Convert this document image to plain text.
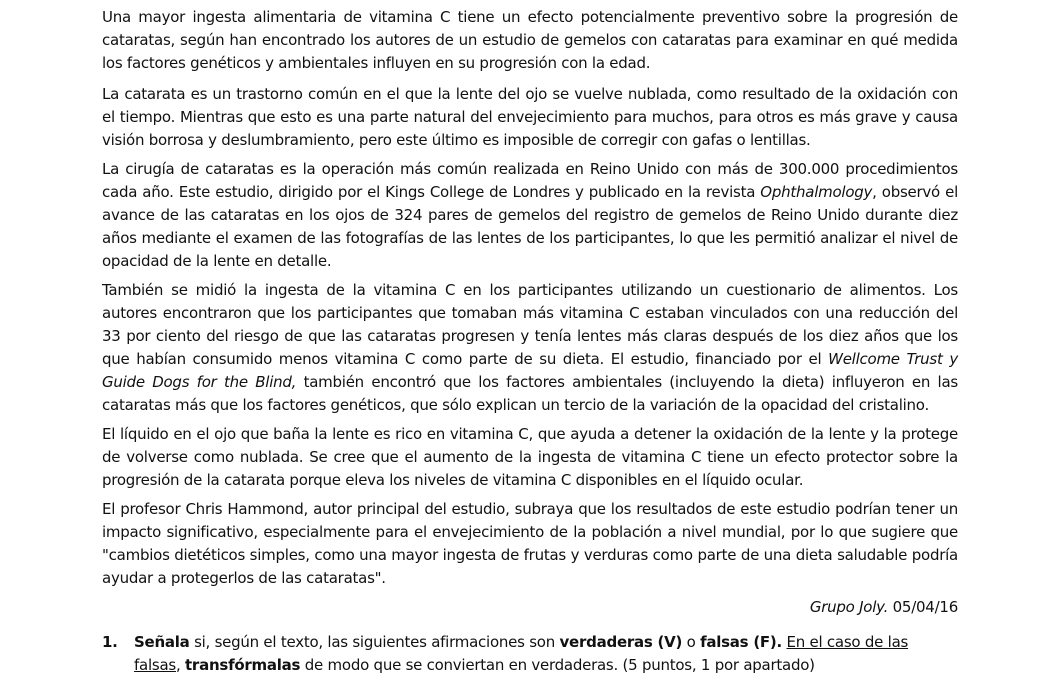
Una mayor ingesta alimentaria de vitamina C tiene un efecto potencialmente preventivo sobre la progresión de cataratas, según han encontrado los autores de un estudio de gemelos con cataratas para examinar en qué medida los factores genéticos y ambientales influyen en su progresión con la edad.

La catarata es un trastorno común en el que la lente del ojo se vuelve nublada, como resultado de la oxidación con el tiempo. Mientras que esto es una parte natural del envejecimiento para muchos, para otros es más grave y causa visión borrosa y deslumbramiento, pero este último es imposible de corregir con gafas o lentillas.

La cirugía de cataratas es la operación más común realizada en Reino Unido con más de 300.000 procedimientos cada año. Este estudio, dirigido por el Kings College de Londres y publicado en la revista Ophthalmology, observó el avance de las cataratas en los ojos de 324 pares de gemelos del registro de gemelos de Reino Unido durante diez años mediante el examen de las fotografías de las lentes de los participantes, lo que les permitió analizar el nivel de opacidad de la lente en detalle.

También se midió la ingesta de la vitamina C en los participantes utilizando un cuestionario de alimentos. Los autores encontraron que los participantes que tomaban más vitamina C estaban vinculados con una reducción del 33 por ciento del riesgo de que las cataratas progresen y tenía lentes más claras después de los diez años que los que habían consumido menos vitamina C como parte de su dieta. El estudio, financiado por el Wellcome Trust y Guide Dogs for the Blind, también encontró que los factores ambientales (incluyendo la dieta) influyeron en las cataratas más que los factores genéticos, que sólo explican un tercio de la variación de la opacidad del cristalino.

El líquido en el ojo que baña la lente es rico en vitamina C, que ayuda a detener la oxidación de la lente y la protege de volverse como nublada. Se cree que el aumento de la ingesta de vitamina C tiene un efecto protector sobre la progresión de la catarata porque eleva los niveles de vitamina C disponibles en el líquido ocular.

El profesor Chris Hammond, autor principal del estudio, subraya que los resultados de este estudio podrían tener un impacto significativo, especialmente para el envejecimiento de la población a nivel mundial, por lo que sugiere que "cambios dietéticos simples, como una mayor ingesta de frutas y verduras como parte de una dieta saludable podría ayudar a protegerlos de las cataratas".

Grupo Joly. 05/04/16

1.	Señala si, según el texto, las siguientes afirmaciones son verdaderas (V) o falsas (F). En el caso de las falsas, transfórmalas de modo que se conviertan en verdaderas. (5 puntos, 1 por apartado)
